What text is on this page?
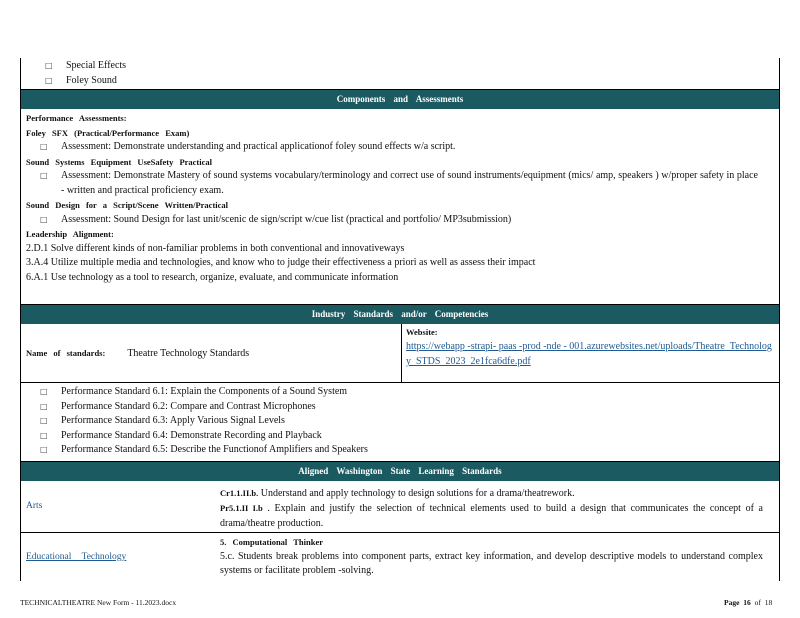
□ Special Effects
□ Foley Sound
Components and Assessments
Performance Assessments:
Foley SFX (Practical/Performance Exam)
□ Assessment: Demonstrate understanding and practical applicationof foley sound effects w/a script.
Sound Systems Equipment UseSafety Practical
□ Assessment: Demonstrate Mastery of sound systems vocabulary/terminology and correct use of sound instruments/equipment (mics/ amp, speakers ) w/proper safety in place - written and practical proficiency exam.
Sound Design for a Script/Scene Written/Practical
□ Assessment: Sound Design for last unit/scenic de sign/script w/cue list (practical and portfolio/ MP3submission)
Leadership Alignment:
2.D.1 Solve different kinds of non-familiar problems in both conventional and innovativeways
3.A.4 Utilize multiple media and technologies, and know who to judge their effectiveness a priori as well as assess their impact
6.A.1 Use technology as a tool to research, organize, evaluate, and communicate information
Industry Standards and/or Competencies
Name of standards: Theatre Technology Standards
Website:
https://webapp -strapi- paas -prod -nde - 001.azurewebsites.net/uploads/Theatre_Technology_STDS_2023_2e1fca6dfe.pdf
□ Performance Standard 6.1: Explain the Components of a Sound System
□ Performance Standard 6.2: Compare and Contrast Microphones
□ Performance Standard 6.3: Apply Various Signal Levels
□ Performance Standard 6.4: Demonstrate Recording and Playback
□ Performance Standard 6.5: Describe the Functionof Amplifiers and Speakers
Aligned Washington State Learning Standards
Arts
Cr1.1.II.b. Understand and apply technology to design solutions for a drama/theatrework.
Pr5.1.II I.b . Explain and justify the selection of technical elements used to build a design that communicates the concept of a drama/theatre production.
Educational Technology
5. Computational Thinker
5.c. Students break problems into component parts, extract key information, and develop descriptive models to understand complex systems or facilitate problem -solving.
TECHNICALTHEATRE New Form - 11.2023.docx	Page 16 of 18
